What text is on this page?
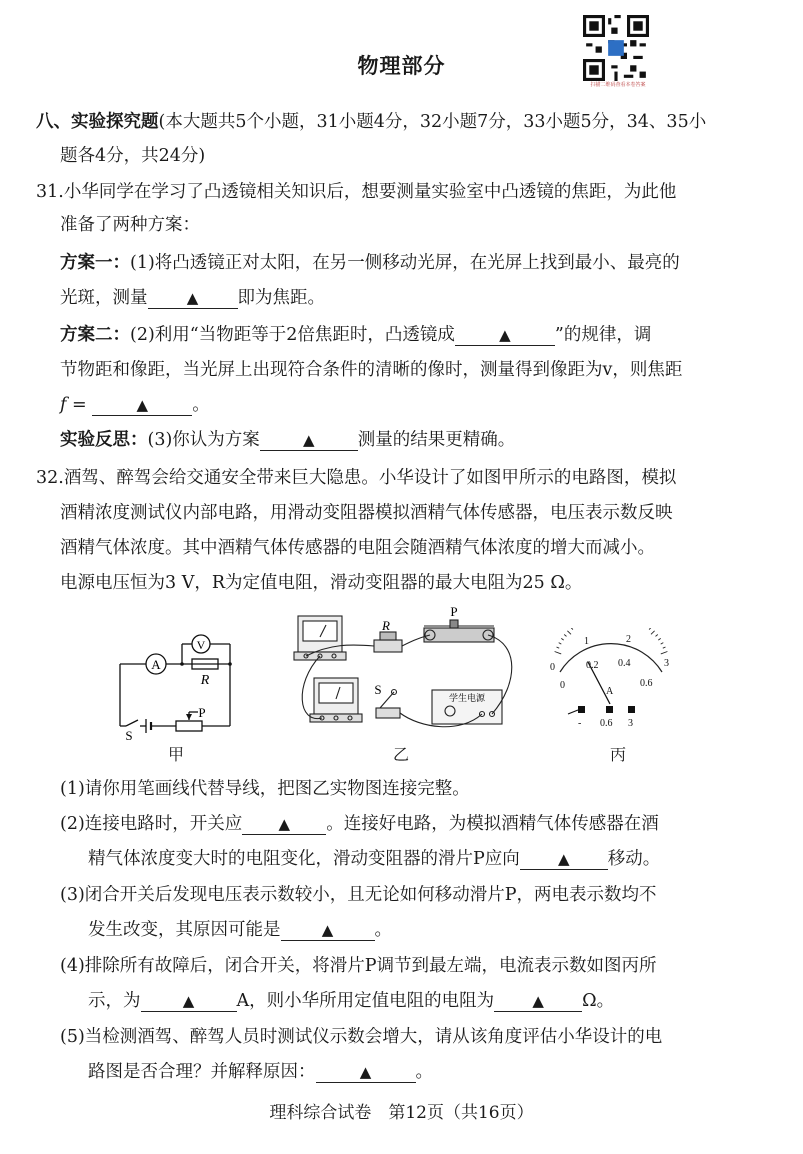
物理部分
扫描二维码查看本卷答案
八、实验探究题(本大题共5个小题，31小题4分，32小题7分，33小题5分，34、35小
题各4分，共24分)
31.小华同学在学习了凸透镜相关知识后，想要测量实验室中凸透镜的焦距，为此他
准备了两种方案：
方案一：(1)将凸透镜正对太阳，在另一侧移动光屏，在光屏上找到最小、最亮的
光斑，测量	▲ 即为焦距。
方案二：(2)利用“当物距等于2倍焦距时，凸透镜成	▲	”的规律，调
节物距和像距，当光屏上出现符合条件的清晰的像时，测量得到像距为v，则焦距
f =	▲	。
实验反思：(3)你认为方案	▲ 测量的结果更精确。
32.酒驾、醉驾会给交通安全带来巨大隐患。小华设计了如图甲所示的电路图，模拟
酒精浓度测试仪内部电路，用滑动变阻器模拟酒精气体传感器，电压表示数反映
酒精气体浓度。其中酒精气体传感器的电阻会随酒精气体浓度的增大而减小。
电源电压恒为3 V，R为定值电阻，滑动变阻器的最大电阻为25 Ω。
A
V
R
S
P
甲
R
P
S
学生电源
乙
0
1	2
3
0
0.2 0.4
0.6
A
- 0.6 3
丙
(1)请你用笔画线代替导线，把图乙实物图连接完整。
(2)连接电路时，开关应 ▲ 。连接好电路，为模拟酒精气体传感器在酒
精气体浓度变大时的电阻变化，滑动变阻器的滑片P应向	▲ 移动。
(3)闭合开关后发现电压表示数较小，且无论如何移动滑片P，两电表示数均不
发生改变，其原因可能是	▲ 。
(4)排除所有故障后，闭合开关，将滑片P调节到最左端，电流表示数如图丙所
示，为	▲ A，则小华所用定值电阻的电阻为	▲ Ω。
(5)当检测酒驾、醉驾人员时测试仪示数会增大，请从该角度评估小华设计的电
路图是否合理？并解释原因：	▲	。
理科综合试卷　第12页（共16页）
